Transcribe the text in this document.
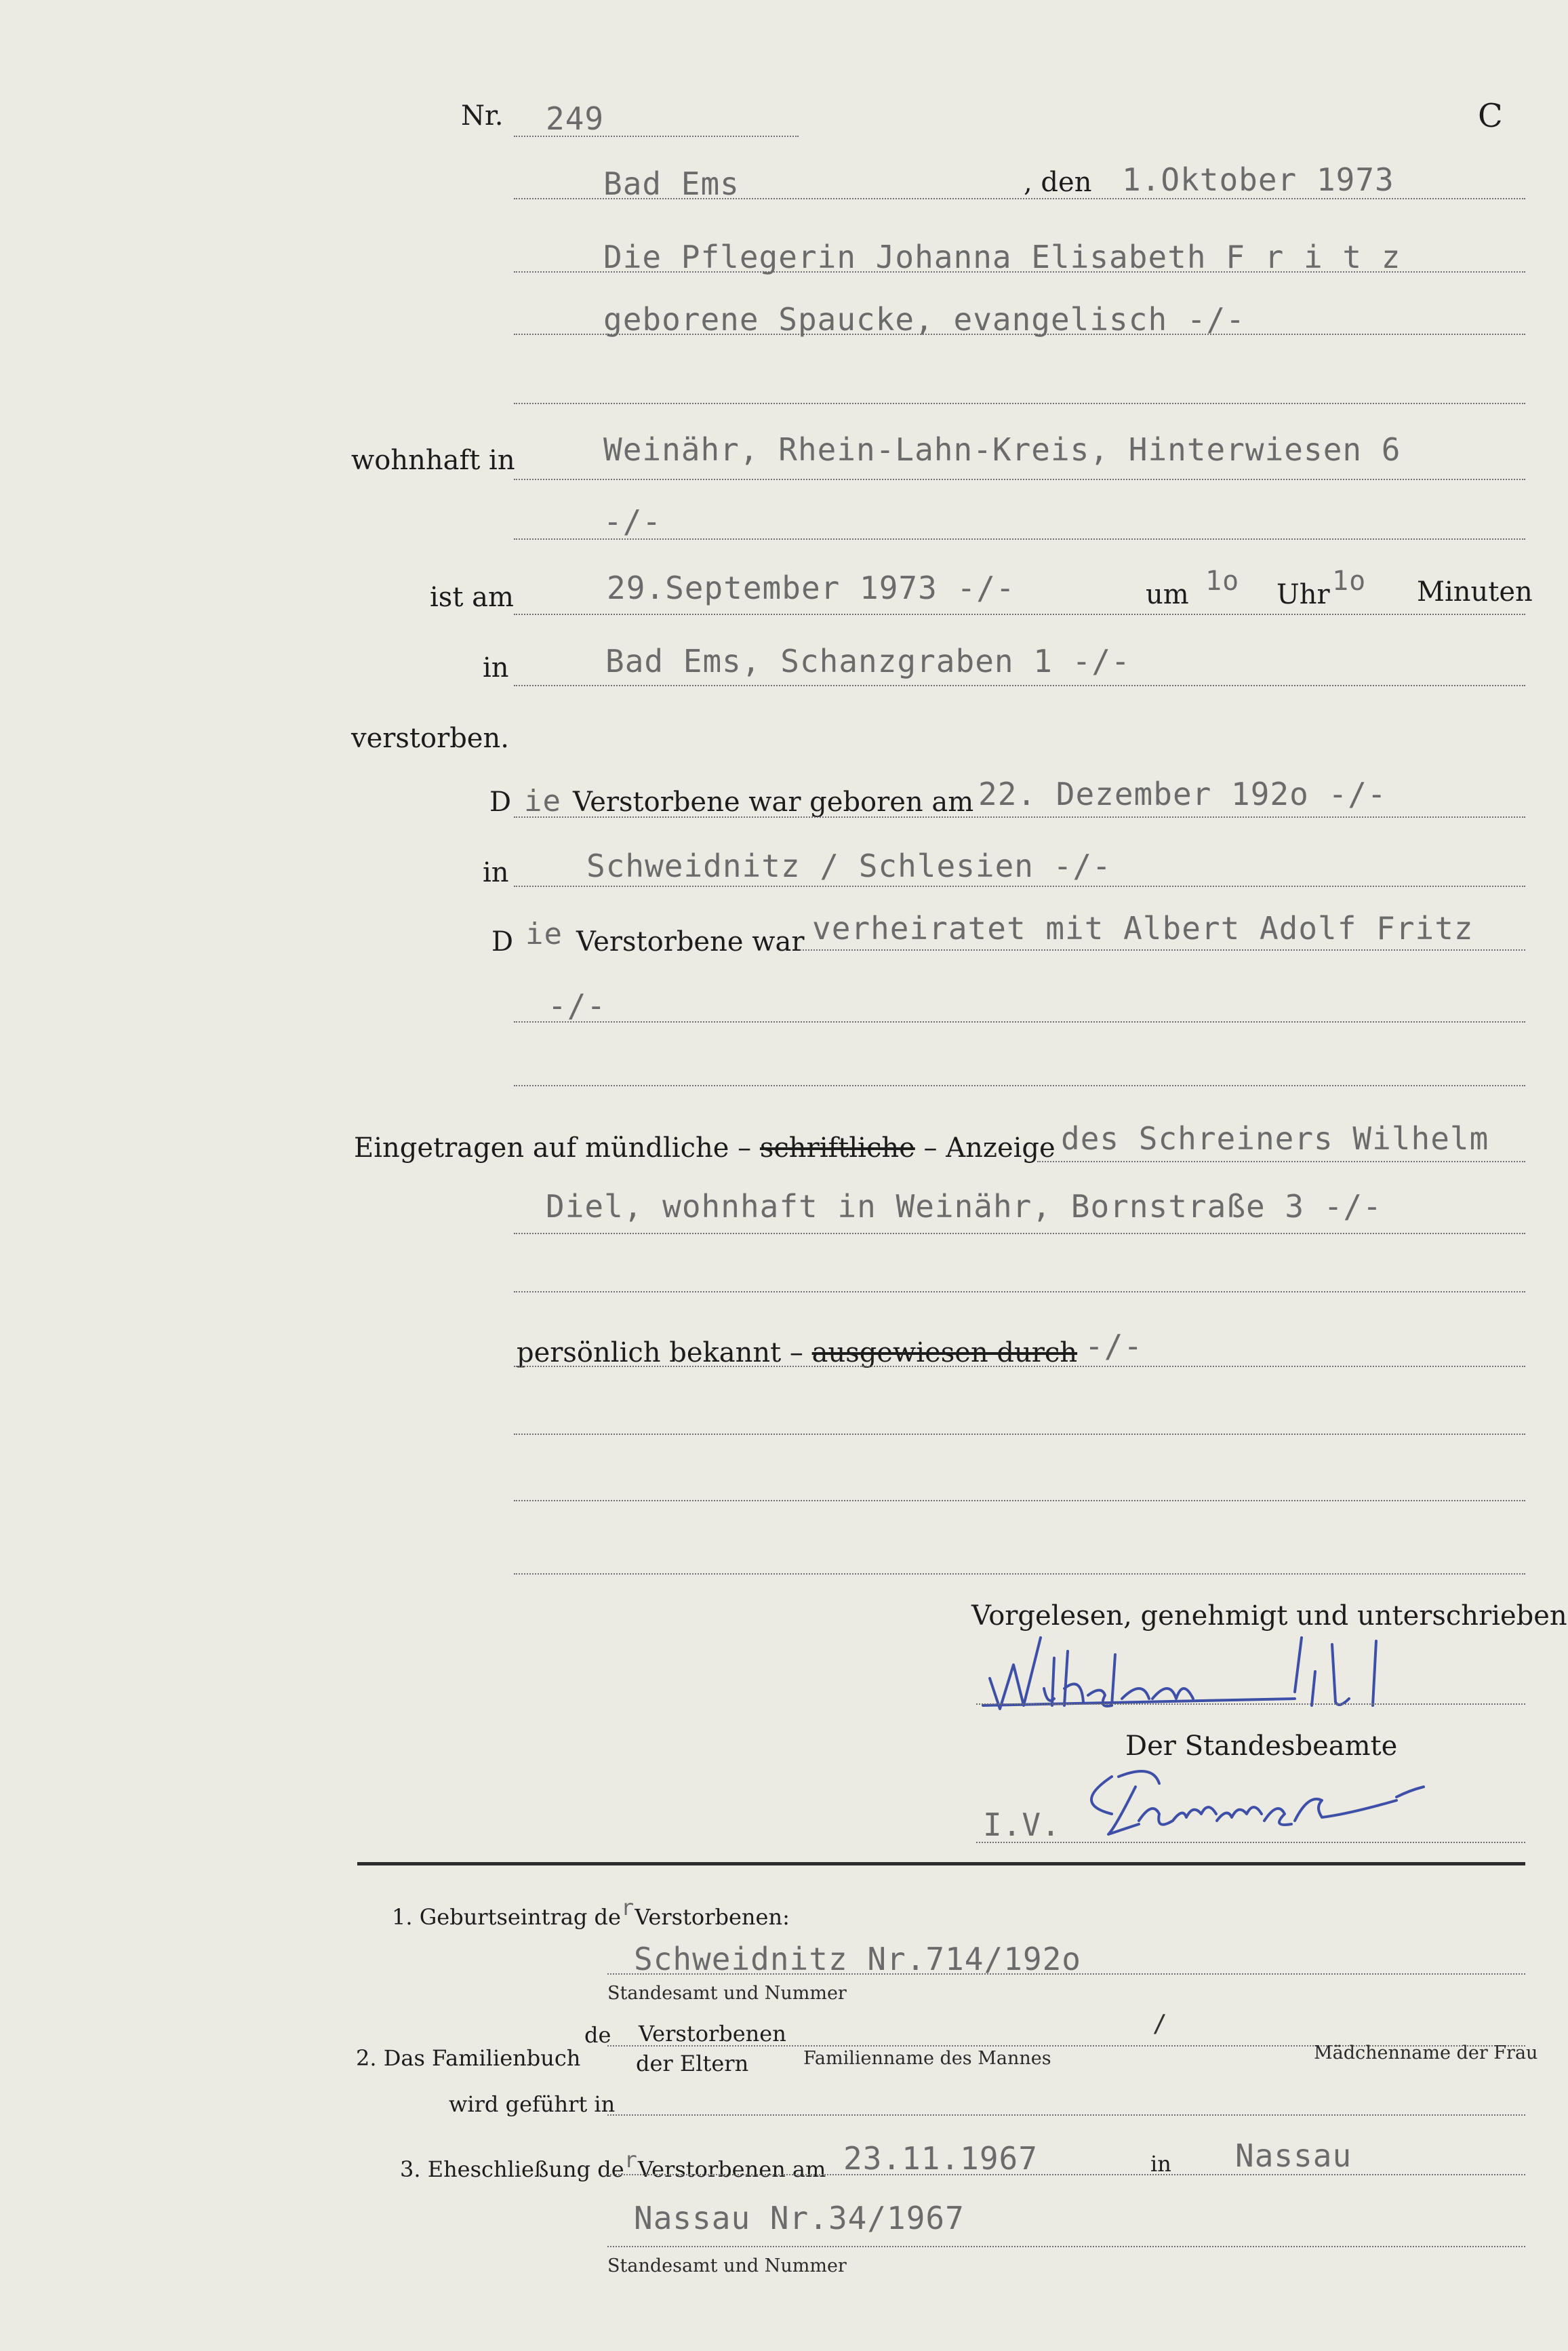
Nr. 249	C
Bad Ems	, den 1.Oktober 1973
Die Pflegerin Johanna Elisabeth F r i t z
geborene Spaucke, evangelisch -/-
wohnhaft in	Weinähr, Rhein-Lahn-Kreis, Hinterwiesen 6
-/-
ist am	29.September 1973 -/-	um 1o Uhr 1o Minuten
in	Bad Ems, Schanzgraben 1 -/-
verstorben.
D ie Verstorbene war geboren am 22. Dezember 192o -/-
in Schweidnitz / Schlesien -/-
D ie Verstorbene war verheiratet mit Albert Adolf Fritz
-/-
Eingetragen auf mündliche – schriftliche – Anzeige des Schreiners Wilhelm
Diel, wohnhaft in Weinähr, Bornstraße 3 -/-
persönlich bekannt – ausgewiesen durch -/-
Vorgelesen, genehmigt und unterschrieben
Der Standesbeamte
I.V.
1. Geburtseintrag derVerstorbenen:
Schweidnitz Nr.714/192o
Standesamt und Nummer
2. Das Familienbuch
de Verstorbenen
der Eltern	Familienname des Mannes
/
Mädchenname der Frau
wird geführt in
3. Eheschließung derVerstorbenen am 23.11.1967	in Nassau
Nassau Nr.34/1967
Standesamt und Nummer
